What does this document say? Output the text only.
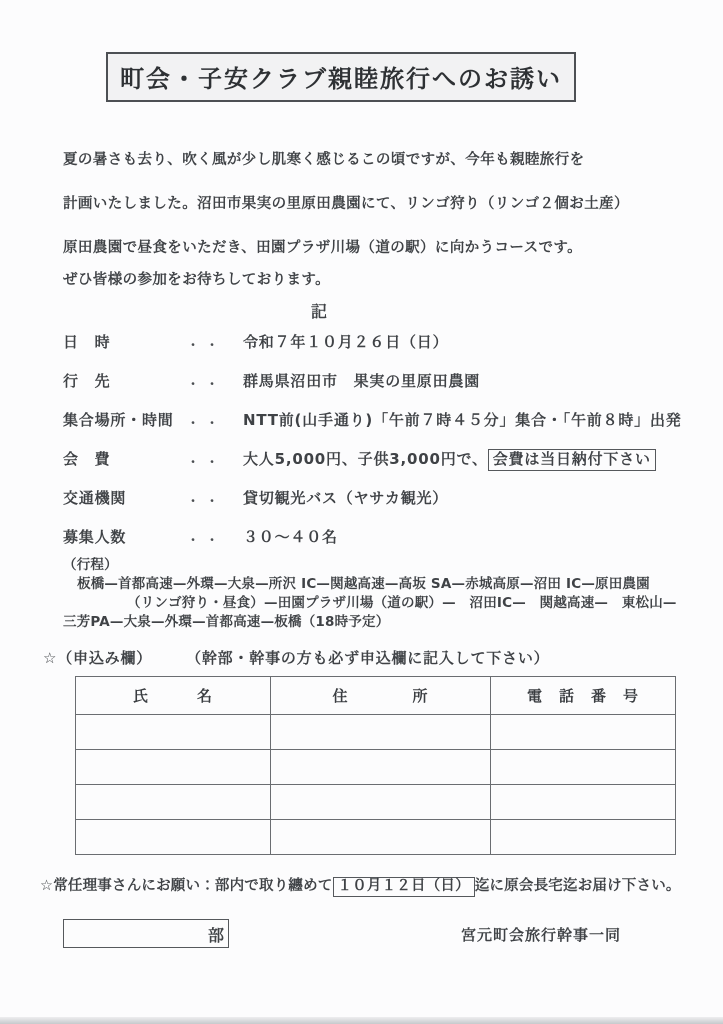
町会・子安クラブ親睦旅行へのお誘い

夏の暑さも去り、吹く風が少し肌寒く感じるこの頃ですが、今年も親睦旅行を

計画いたしました。沼田市果実の里原田農園にて、リンゴ狩り（リンゴ２個お土産）

原田農園で昼食をいただき、田園プラザ川場（道の駅）に向かうコースです。

ぜひ皆様の参加をお待ちしております。

記
日　時	・・	令和７年１０月２６日（日）
行　先	・・	群馬県沼田市　果実の里原田農園
集合場所・時間	・・	NTT前(山手通り)「午前７時４５分」集合・「午前８時」出発
会　費	・・	大人5,000円、子供3,000円で、 会費は当日納付下さい
交通機関	・・	貸切観光バス（ヤサカ観光）
募集人数	・・	３０～４０名

（行程）

板橋—首都高速—外環—大泉—所沢 IC—関越高速—高坂 SA—赤城高原—沼田 IC—原田農園

（リンゴ狩り・昼食）—田園プラザ川場（道の駅）—　沼田IC—　関越高速—　東松山—

三芳PA—大泉—外環—首都高速—板橋（18時予定）

☆（申込み欄） （幹部・幹事の方も必ず申込欄に記入して下さい）
氏　　　名	住　　　　所	電　話　番　号

☆常任理事さんにお願い：部内で取り纏めて １０月１２日（日） 迄に原会長宅迄お届け下さい。
部	宮元町会旅行幹事一同
